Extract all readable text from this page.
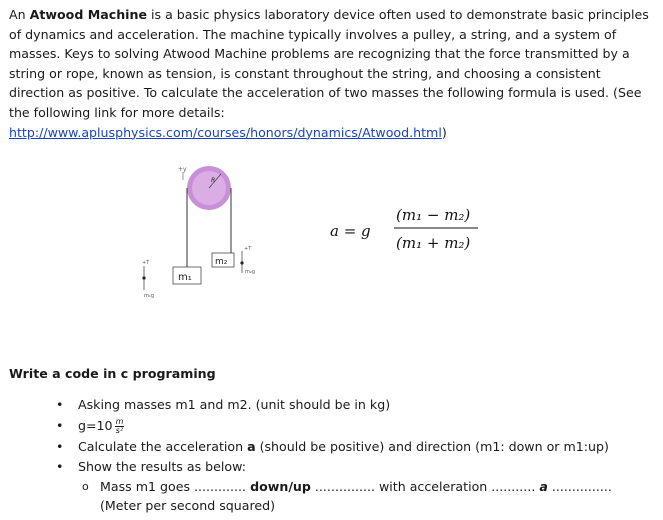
An Atwood Machine is a basic physics laboratory device often used to demonstrate basic principles of dynamics and acceleration. The machine typically involves a pulley, a string, and a system of masses. Keys to solving Atwood Machine problems are recognizing that the force transmitted by a string or rope, known as tension, is constant throughout the string, and choosing a consistent direction as positive. To calculate the acceleration of two masses the following formula is used. (See the following link for more details: http://www.aplusphysics.com/courses/honors/dynamics/Atwood.html)

+y
R
m₁
m₂
+T
m₁g
+T
m₂g
a = g
(m₁ − m₂)
(m₁ + m₂)

Write a code in c programing

• Asking masses m1 and m2. (unit should be in kg)
• $g=10 \frac{m}{\text{s²}}$
• Calculate the acceleration a (should be positive) and direction (m1: down or m1:up)
• Show the results as below:
o Mass m1 goes ............. down/up ............... with acceleration ........... a ...............
(Meter per second squared)
